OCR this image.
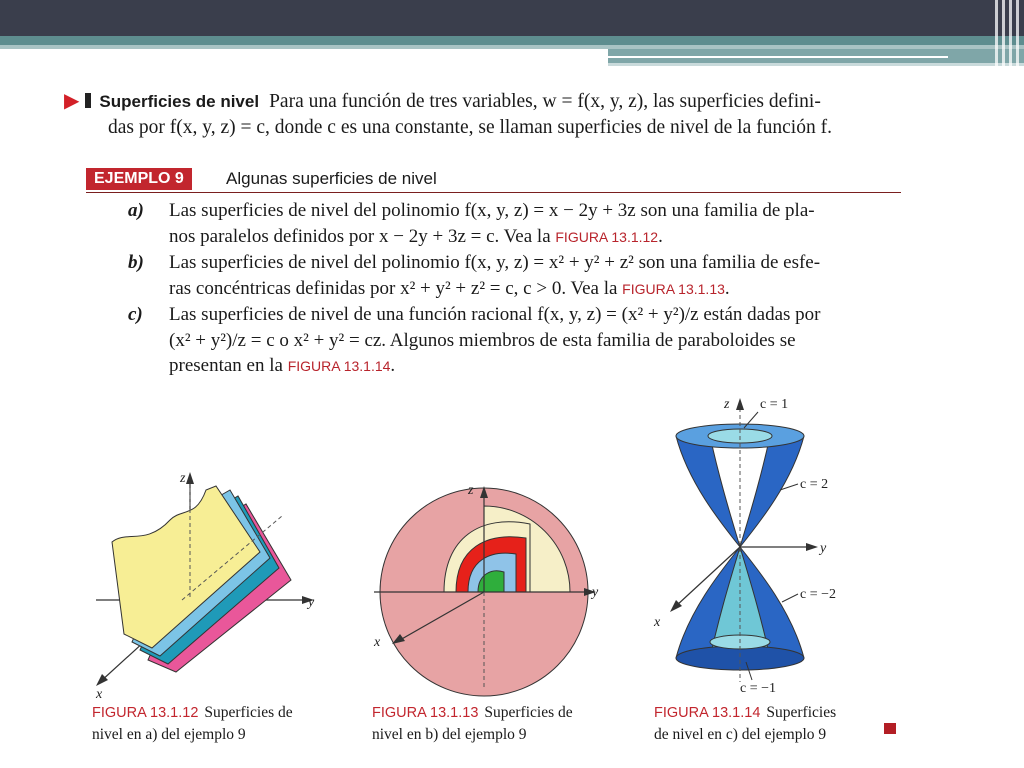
▶ Superficies de nivel Para una función de tres variables, w = f(x, y, z), las superficies defini-
das por f(x, y, z) = c, donde c es una constante, se llaman superficies de nivel de la función f.
EJEMPLO 9	Algunas superficies de nivel
a) Las superficies de nivel del polinomio f(x, y, z) = x − 2y + 3z son una familia de pla-
nos paralelos definidos por x − 2y + 3z = c. Vea la FIGURA 13.1.12.
b) Las superficies de nivel del polinomio f(x, y, z) = x² + y² + z² son una familia de esfe-
ras concéntricas definidas por x² + y² + z² = c, c > 0. Vea la FIGURA 13.1.13.
c) Las superficies de nivel de una función racional f(x, y, z) = (x² + y²)/z están dadas por
(x² + y²)/z = c o x² + y² = cz. Algunos miembros de esta familia de paraboloides se
presentan en la FIGURA 13.1.14.
z
y
x
FIGURA 13.1.12 Superficies de
nivel en a) del ejemplo 9
z
y
x
FIGURA 13.1.13 Superficies de
nivel en b) del ejemplo 9
z
y
x
c = 1
c = 2
c = −2
c = −1
FIGURA 13.1.14 Superficies
de nivel en c) del ejemplo 9
